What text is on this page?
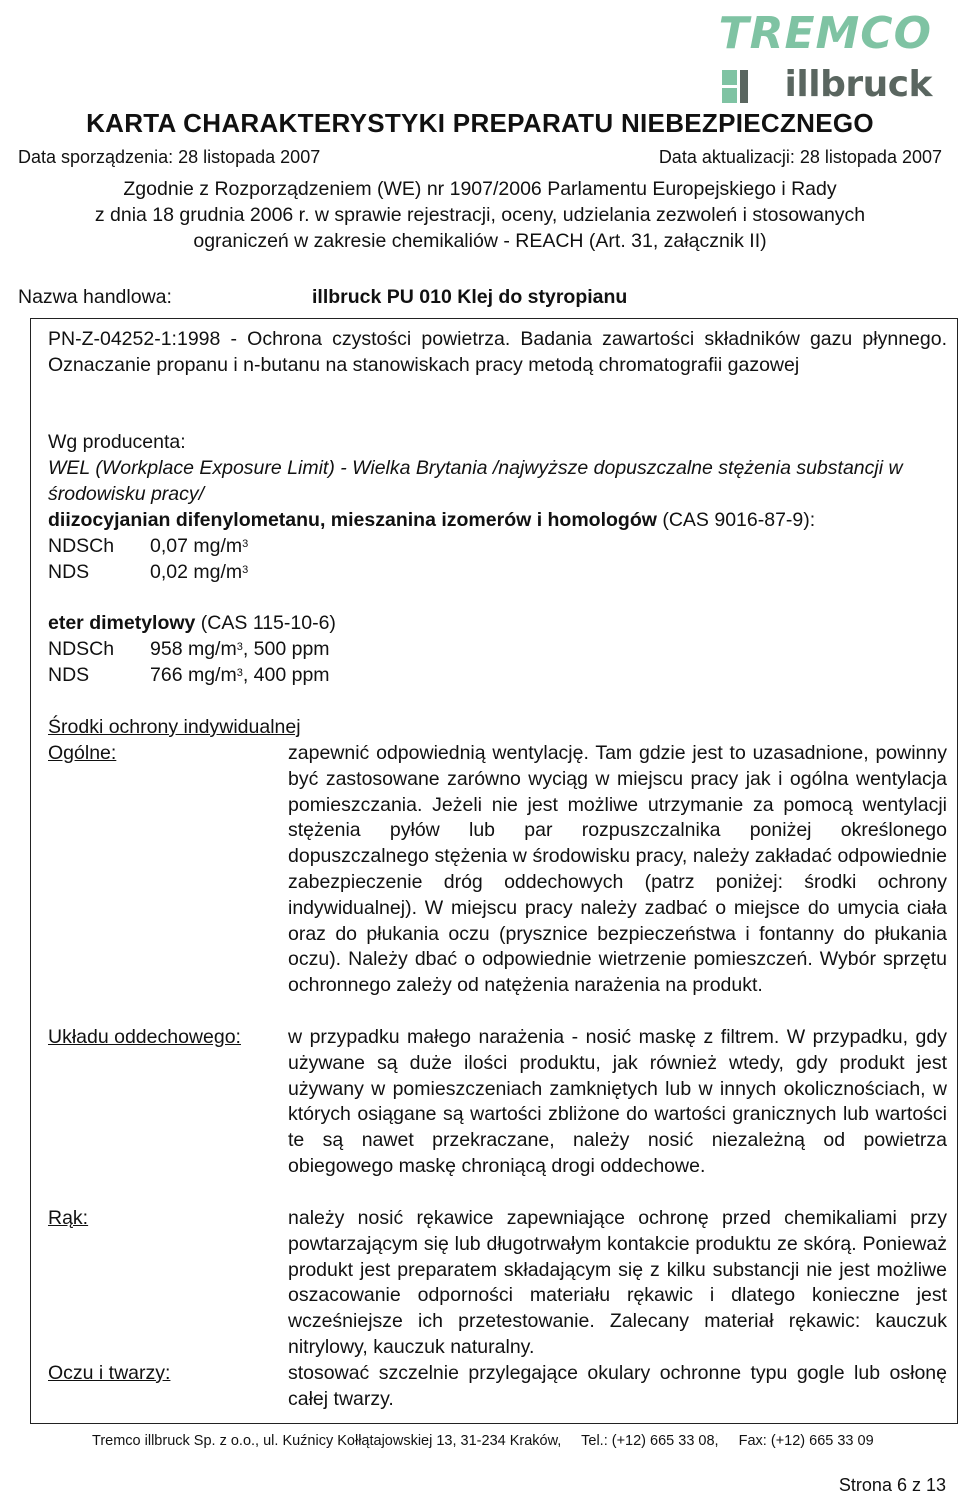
TREMCO
illbruck
KARTA CHARAKTERYSTYKI PREPARATU NIEBEZPIECZNEGO
Data sporządzenia: 28 listopada 2007	Data aktualizacji: 28 listopada 2007
Zgodnie z Rozporządzeniem (WE) nr 1907/2006 Parlamentu Europejskiego i Rady
z dnia 18 grudnia 2006 r. w sprawie rejestracji, oceny, udzielania zezwoleń i stosowanych
ograniczeń w zakresie chemikaliów - REACH (Art. 31, załącznik II)
Nazwa handlowa:	illbruck PU 010 Klej do styropianu
PN-Z-04252-1:1998 - Ochrona czystości powietrza. Badania zawartości składników gazu płynnego. Oznaczanie propanu i n-butanu na stanowiskach pracy metodą chromatografii gazowej
Wg producenta:
WEL (Workplace Exposure Limit) - Wielka Brytania /najwyższe dopuszczalne stężenia substancji w środowisku pracy/
diizocyjanian difenylometanu, mieszanina izomerów i homologów (CAS 9016-87-9):
NDSCh 0,07 $mg/m^3$
NDS	0,02 $mg/m^3$
eter dimetylowy (CAS 115-10-6)
NDSCh 958 $mg/m^3$, 500 ppm
NDS	766 $mg/m^3$, 400 ppm
Środki ochrony indywidualnej
Ogólne:	zapewnić odpowiednią wentylację. Tam gdzie jest to uzasadnione, powinny być zastosowane zarówno wyciąg w miejscu pracy jak i ogólna wentylacja pomieszczania. Jeżeli nie jest możliwe utrzymanie za pomocą wentylacji stężenia pyłów lub par rozpuszczalnika poniżej określonego dopuszczalnego stężenia w środowisku pracy, należy zakładać odpowiednie zabezpieczenie dróg oddechowych (patrz poniżej: środki ochrony indywidualnej). W miejscu pracy należy zadbać o miejsce do umycia ciała oraz do płukania oczu (prysznice bezpieczeństwa i fontanny do płukania oczu). Należy dbać o odpowiednie wietrzenie pomieszczeń. Wybór sprzętu ochronnego zależy od natężenia narażenia na produkt.
Układu oddechowego: w przypadku małego narażenia - nosić maskę z filtrem. W przypadku, gdy używane są duże ilości produktu, jak również wtedy, gdy produkt jest używany w pomieszczeniach zamkniętych lub w innych okolicznościach, w których osiągane są wartości zbliżone do wartości granicznych lub wartości te są nawet przekraczane, należy nosić niezależną od powietrza obiegowego maskę chroniącą drogi oddechowe.
Rąk:	należy nosić rękawice zapewniające ochronę przed chemikaliami przy powtarzającym się lub długotrwałym kontakcie produktu ze skórą. Ponieważ produkt jest preparatem składającym się z kilku substancji nie jest możliwe oszacowanie odporności materiału rękawic i dlatego konieczne jest wcześniejsze ich przetestowanie. Zalecany materiał rękawic: kauczuk nitrylowy, kauczuk naturalny.
Oczu i twarzy:	stosować szczelnie przylegające okulary ochronne typu gogle lub osłonę całej twarzy.
Tremco illbruck Sp. z o.o., ul. Kuźnicy Kołłątajowskiej 13, 31-234 Kraków, Tel.: (+12) 665 33 08, Fax: (+12) 665 33 09
Strona 6 z 13
